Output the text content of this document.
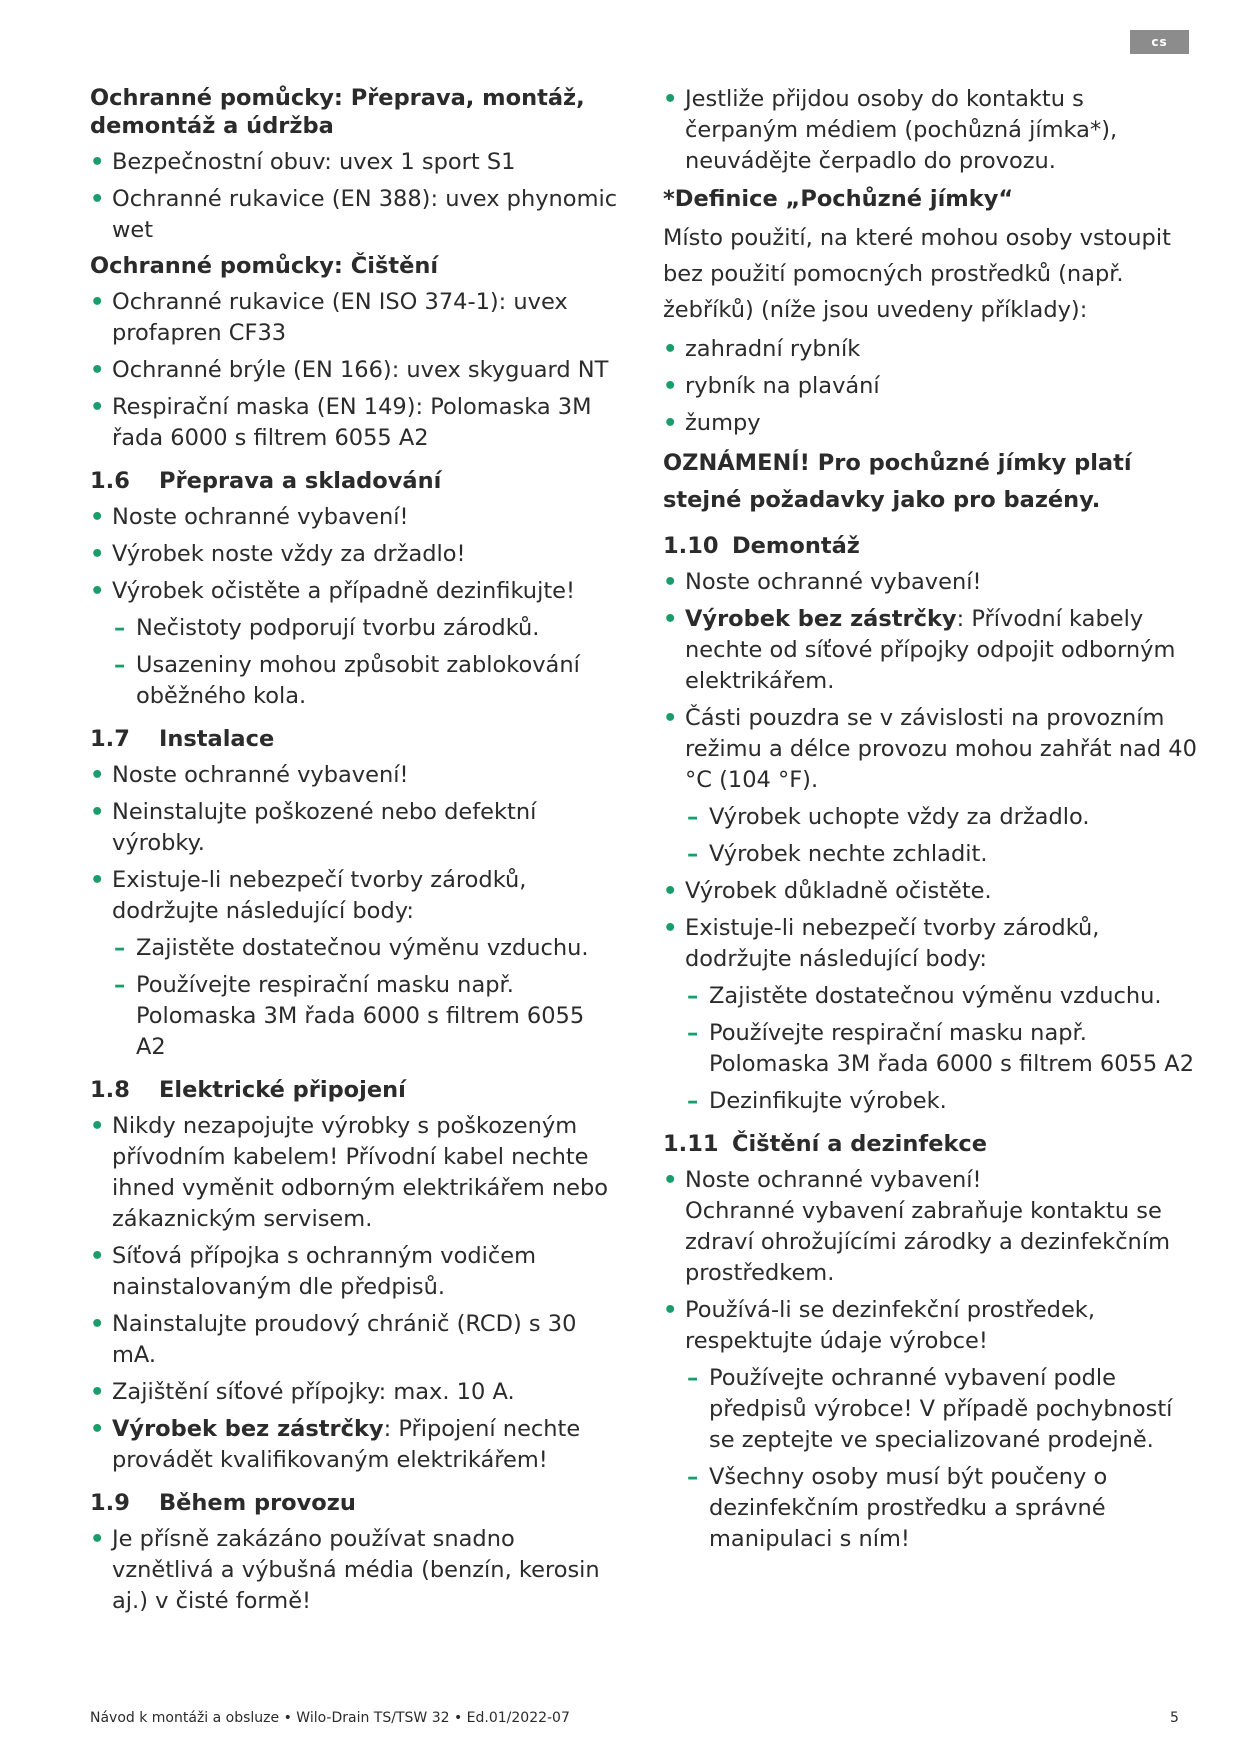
cs
Ochranné pomůcky: Přeprava, montáž, demontáž a údržba
• Bezpečnostní obuv: uvex 1 sport S1
• Ochranné rukavice (EN 388): uvex phynomic wet
Ochranné pomůcky: Čištění
• Ochranné rukavice (EN ISO 374-1): uvex profapren CF33
• Ochranné brýle (EN 166): uvex skyguard NT
• Respirační maska (EN 149): Polomaska 3M řada 6000 s filtrem 6055 A2
1.6	Přeprava a skladování
• Noste ochranné vybavení!
• Výrobek noste vždy za držadlo!
• Výrobek očistěte a případně dezinfikujte!
– Nečistoty podporují tvorbu zárodků.
– Usazeniny mohou způsobit zablokování oběžného kola.
1.7	Instalace
• Noste ochranné vybavení!
• Neinstalujte poškozené nebo defektní výrobky.
• Existuje-li nebezpečí tvorby zárodků, dodržujte následující body:
– Zajistěte dostatečnou výměnu vzduchu.
– Používejte respirační masku např. Polomaska 3M řada 6000 s filtrem 6055 A2
1.8	Elektrické připojení
• Nikdy nezapojujte výrobky s poškozeným přívodním kabelem! Přívodní kabel nechte ihned vyměnit odborným elektrikářem nebo zákaznickým servisem.
• Síťová přípojka s ochranným vodičem nainstalovaným dle předpisů.
• Nainstalujte proudový chránič (RCD) s 30 mA.
• Zajištění síťové přípojky: max. 10 A.
• Výrobek bez zástrčky: Připojení nechte provádět kvalifikovaným elektrikářem!
1.9	Během provozu
• Je přísně zakázáno používat snadno vznětlivá a výbušná média (benzín, kerosin aj.) v čisté formě!
• Jestliže přijdou osoby do kontaktu s čerpaným médiem (pochůzná jímka*), neuvádějte čerpadlo do provozu.
*Definice „Pochůzné jímky“

Místo použití, na které mohou osoby vstoupit bez použití pomocných prostředků (např. žebříků) (níže jsou uvedeny příklady):

• zahradní rybník
• rybník na plavání
• žumpy

OZNÁMENÍ! Pro pochůzné jímky platí stejné požadavky jako pro bazény.

1.10 Demontáž
• Noste ochranné vybavení!
• Výrobek bez zástrčky: Přívodní kabely nechte od síťové přípojky odpojit odborným elektrikářem.
• Části pouzdra se v závislosti na provozním režimu a délce provozu mohou zahřát nad 40 °C (104 °F).
– Výrobek uchopte vždy za držadlo.
– Výrobek nechte zchladit.
• Výrobek důkladně očistěte.
• Existuje-li nebezpečí tvorby zárodků, dodržujte následující body:
– Zajistěte dostatečnou výměnu vzduchu.
– Používejte respirační masku např. Polomaska 3M řada 6000 s filtrem 6055 A2
– Dezinfikujte výrobek.
1.11 Čištění a dezinfekce
• Noste ochranné vybavení!
Ochranné vybavení zabraňuje kontaktu se zdraví ohrožujícími zárodky a dezinfekčním prostředkem.
• Používá-li se dezinfekční prostředek, respektujte údaje výrobce!
– Používejte ochranné vybavení podle předpisů výrobce! V případě pochybností se zeptejte ve specializované prodejně.
– Všechny osoby musí být poučeny o dezinfekčním prostředku a správné manipulaci s ním!
Návod k montáži a obsluze • Wilo-Drain TS/TSW 32 • Ed.01/2022-07	5
